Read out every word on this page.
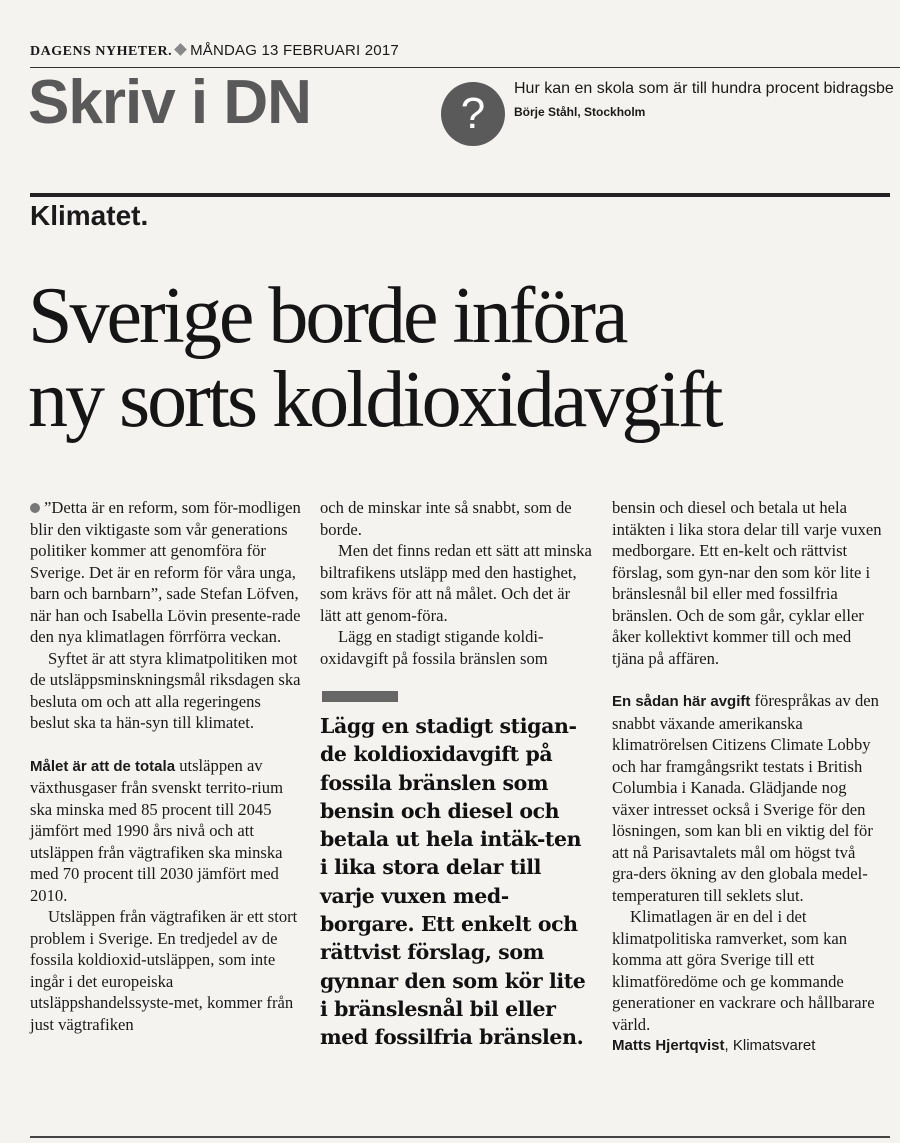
DAGENS NYHETER. MÅNDAG 13 FEBRUARI 2017
Skriv i DN	?
Hur kan en skola som är till hundra procent bidragsbe
Börje Ståhl, Stockholm
Klimatet.
Sverige borde införa
ny sorts koldioxidavgift

”Detta är en reform, som för-modligen blir den viktigaste som vår generations politiker kommer att genomföra för Sverige. Det är en reform för våra unga, barn och barnbarn”, sade Stefan Löfven, när han och Isabella Lövin presente-rade den nya klimatlagen förrförra veckan.

Syftet är att styra klimatpolitiken mot de utsläppsminskningsmål riksdagen ska besluta om och att alla regeringens beslut ska ta hän-syn till klimatet.

Målet är att de totala utsläppen av växthusgaser från svenskt territo-rium ska minska med 85 procent till 2045 jämfört med 1990 års nivå och att utsläppen från vägtrafiken ska minska med 70 procent till 2030 jämfört med 2010.

Utsläppen från vägtrafiken är ett stort problem i Sverige. En tredjedel av de fossila koldioxid-utsläppen, som inte ingår i det europeiska utsläppshandelssyste-met, kommer från just vägtrafiken

och de minskar inte så snabbt, som de borde.

Men det finns redan ett sätt att minska biltrafikens utsläpp med den hastighet, som krävs för att nå målet. Och det är lätt att genom-föra.

Lägg en stadigt stigande koldi-oxidavgift på fossila bränslen som

Lägg en stadigt stigan-de koldioxidavgift på fossila bränslen som bensin och diesel och betala ut hela intäk-ten i lika stora delar till varje vuxen med-borgare. Ett enkelt och rättvist förslag, som gynnar den som kör lite i bränslesnål bil eller med fossilfria bränslen.

bensin och diesel och betala ut hela intäkten i lika stora delar till varje vuxen medborgare. Ett en-kelt och rättvist förslag, som gyn-nar den som kör lite i bränslesnål bil eller med fossilfria bränslen. Och de som går, cyklar eller åker kollektivt kommer till och med tjäna på affären.

En sådan här avgift förespråkas av den snabbt växande amerikanska klimatrörelsen Citizens Climate Lobby och har framgångsrikt testats i British Columbia i Kanada. Glädjande nog växer intresset också i Sverige för den lösningen, som kan bli en viktig del för att nå Parisavtalets mål om högst två gra-ders ökning av den globala medel-temperaturen till seklets slut.

Klimatlagen är en del i det klimatpolitiska ramverket, som kan komma att göra Sverige till ett klimatföredöme och ge kommande generationer en vackrare och hållbarare värld.

Matts Hjertqvist, Klimatsvaret
